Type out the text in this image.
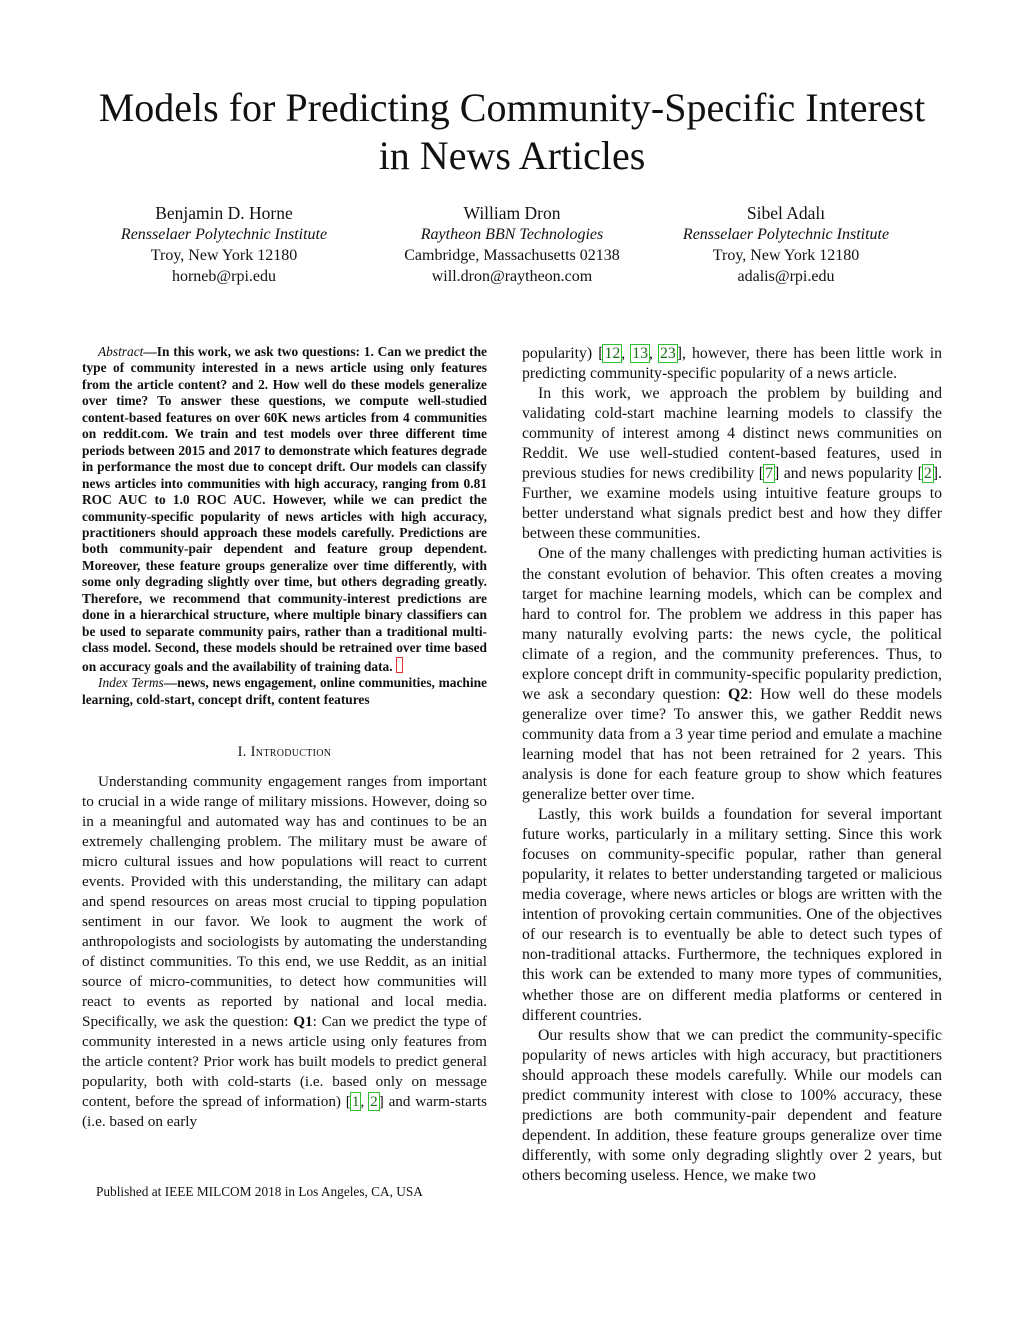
Models for Predicting Community-Specific Interest
in News Articles
Benjamin D. Horne
Rensselaer Polytechnic Institute
Troy, New York 12180
horneb@rpi.edu
William Dron
Raytheon BBN Technologies
Cambridge, Massachusetts 02138
will.dron@raytheon.com
Sibel Adalı
Rensselaer Polytechnic Institute
Troy, New York 12180
adalis@rpi.edu

Abstract—In this work, we ask two questions: 1. Can we predict the type of community interested in a news article using only features from the article content? and 2. How well do these models generalize over time? To answer these questions, we compute well-studied content-based features on over 60K news articles from 4 communities on reddit.com. We train and test models over three different time periods between 2015 and 2017 to demonstrate which features degrade in performance the most due to concept drift. Our models can classify news articles into communities with high accuracy, ranging from 0.81 ROC AUC to 1.0 ROC AUC. However, while we can predict the community-specific popularity of news articles with high accuracy, practitioners should approach these models carefully. Predictions are both community-pair dependent and feature group dependent. Moreover, these feature groups generalize over time differently, with some only degrading slightly over time, but others degrading greatly. Therefore, we recommend that community-interest predictions are done in a hierarchical structure, where multiple binary classifiers can be used to separate community pairs, rather than a traditional multi-class model. Second, these models should be retrained over time based on accuracy goals and the availability of training data.

Index Terms—news, news engagement, online communities, machine learning, cold-start, concept drift, content features

I. Introduction

Understanding community engagement ranges from important to crucial in a wide range of military missions. However, doing so in a meaningful and automated way has and continues to be an extremely challenging problem. The military must be aware of micro cultural issues and how populations will react to current events. Provided with this understanding, the military can adapt and spend resources on areas most crucial to tipping population sentiment in our favor. We look to augment the work of anthropologists and sociologists by automating the understanding of distinct communities. To this end, we use Reddit, as an initial source of micro-communities, to detect how communities will react to events as reported by national and local media. Specifically, we ask the question: Q1: Can we predict the type of community interested in a news article using only features from the article content? Prior work has built models to predict general popularity, both with cold-starts (i.e. based only on message content, before the spread of information) [1, 2] and warm-starts (i.e. based on early

popularity) [12, 13, 23], however, there has been little work in predicting community-specific popularity of a news article.

In this work, we approach the problem by building and validating cold-start machine learning models to classify the community of interest among 4 distinct news communities on Reddit. We use well-studied content-based features, used in previous studies for news credibility [7] and news popularity [2]. Further, we examine models using intuitive feature groups to better understand what signals predict best and how they differ between these communities.

One of the many challenges with predicting human activities is the constant evolution of behavior. This often creates a moving target for machine learning models, which can be complex and hard to control for. The problem we address in this paper has many naturally evolving parts: the news cycle, the political climate of a region, and the community preferences. Thus, to explore concept drift in community-specific popularity prediction, we ask a secondary question: Q2: How well do these models generalize over time? To answer this, we gather Reddit news community data from a 3 year time period and emulate a machine learning model that has not been retrained for 2 years. This analysis is done for each feature group to show which features generalize better over time.

Lastly, this work builds a foundation for several important future works, particularly in a military setting. Since this work focuses on community-specific popular, rather than general popularity, it relates to better understanding targeted or malicious media coverage, where news articles or blogs are written with the intention of provoking certain communities. One of the objectives of our research is to eventually be able to detect such types of non-traditional attacks. Furthermore, the techniques explored in this work can be extended to many more types of communities, whether those are on different media platforms or centered in different countries.

Our results show that we can predict the community-specific popularity of news articles with high accuracy, but practitioners should approach these models carefully. While our models can predict community interest with close to 100% accuracy, these predictions are both community-pair dependent and feature dependent. In addition, these feature groups generalize over time differently, with some only degrading slightly over 2 years, but others becoming useless. Hence, we make two

Published at IEEE MILCOM 2018 in Los Angeles, CA, USA
